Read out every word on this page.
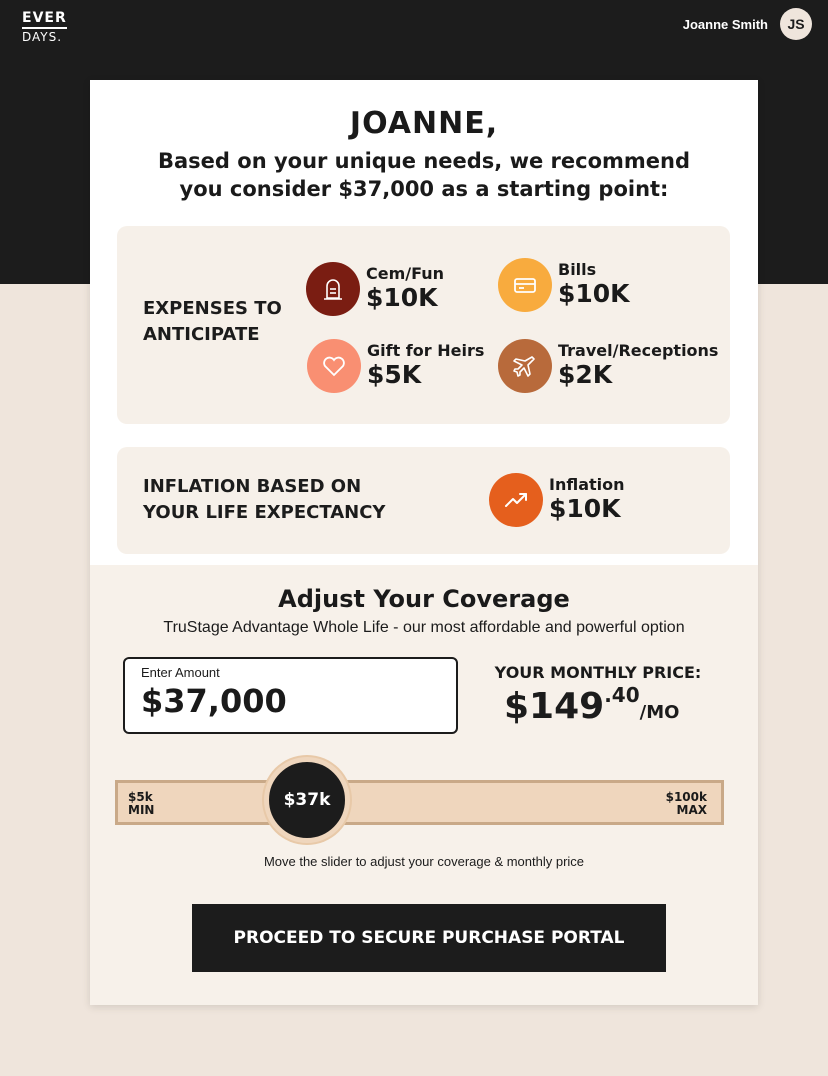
EVER
DAYS.
Joanne Smith	JS
JOANNE,
Based on your unique needs, we recommend
you consider $37,000 as a starting point:
EXPENSES TO
ANTICIPATE
Cem/Fun
$10K
Bills
$10K
Gift for Heirs
$5K
Travel/Receptions
$2K
INFLATION BASED ON
YOUR LIFE EXPECTANCY
Inflation
$10K
Adjust Your Coverage
TruStage Advantage Whole Life - our most affordable and powerful option
Enter Amount
$37,000
YOUR MONTHLY PRICE:
$149.40/MO
$5k
MIN
$100k
MAX
$37k
Move the slider to adjust your coverage & monthly price
PROCEED TO SECURE PURCHASE PORTAL
